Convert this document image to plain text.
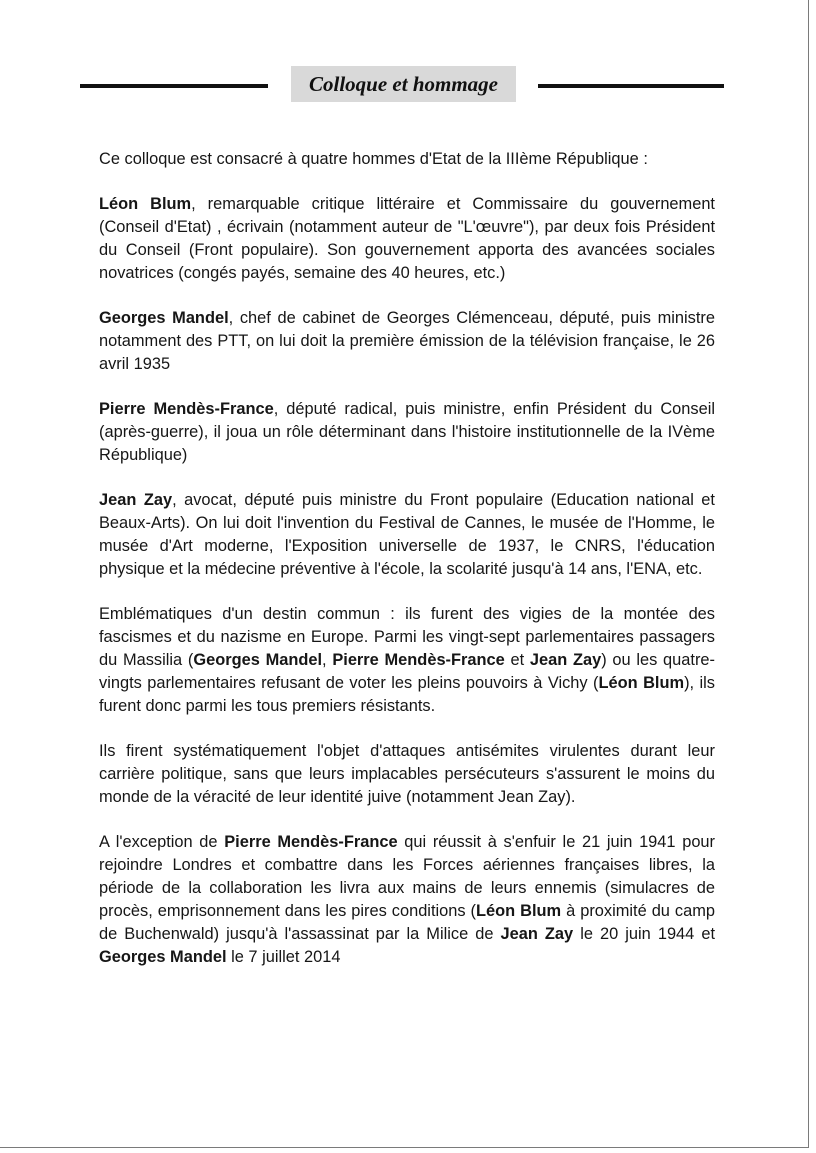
Colloque et hommage

Ce colloque est consacré à quatre hommes d'Etat de la IIIème République :

Léon Blum, remarquable critique littéraire et Commissaire du gouvernement (Conseil d'Etat) , écrivain (notamment auteur de "L'œuvre"), par deux fois Président du Conseil (Front populaire). Son gouvernement apporta des avancées sociales novatrices (congés payés, semaine des 40 heures, etc.)

Georges Mandel, chef de cabinet de Georges Clémenceau, député, puis ministre notamment des PTT, on lui doit la première émission de la télévision française, le 26 avril 1935

Pierre Mendès-France, député radical, puis ministre, enfin Président du Conseil (après-guerre), il joua un rôle déterminant dans l'histoire institutionnelle de la IVème République)

Jean Zay, avocat, député puis ministre du Front populaire (Education national et Beaux-Arts). On lui doit l'invention du Festival de Cannes, le musée de l'Homme, le musée d'Art moderne, l'Exposition universelle de 1937, le CNRS, l'éducation physique et la médecine préventive à l'école, la scolarité jusqu'à 14 ans, l'ENA, etc.

Emblématiques d'un destin commun : ils furent des vigies de la montée des fascismes et du nazisme en Europe. Parmi les vingt-sept parlementaires passagers du Massilia (Georges Mandel, Pierre Mendès-France et Jean Zay) ou les quatre-vingts parlementaires refusant de voter les pleins pouvoirs à Vichy (Léon Blum), ils furent donc parmi les tous premiers résistants.

Ils firent systématiquement l'objet d'attaques antisémites virulentes durant leur carrière politique, sans que leurs implacables persécuteurs s'assurent le moins du monde de la véracité de leur identité juive (notamment Jean Zay).

A l'exception de Pierre Mendès-France qui réussit à s'enfuir le 21 juin 1941 pour rejoindre Londres et combattre dans les Forces aériennes françaises libres, la période de la collaboration les livra aux mains de leurs ennemis (simulacres de procès, emprisonnement dans les pires conditions (Léon Blum à proximité du camp de Buchenwald) jusqu'à l'assassinat par la Milice de Jean Zay le 20 juin 1944 et Georges Mandel le 7 juillet 2014
